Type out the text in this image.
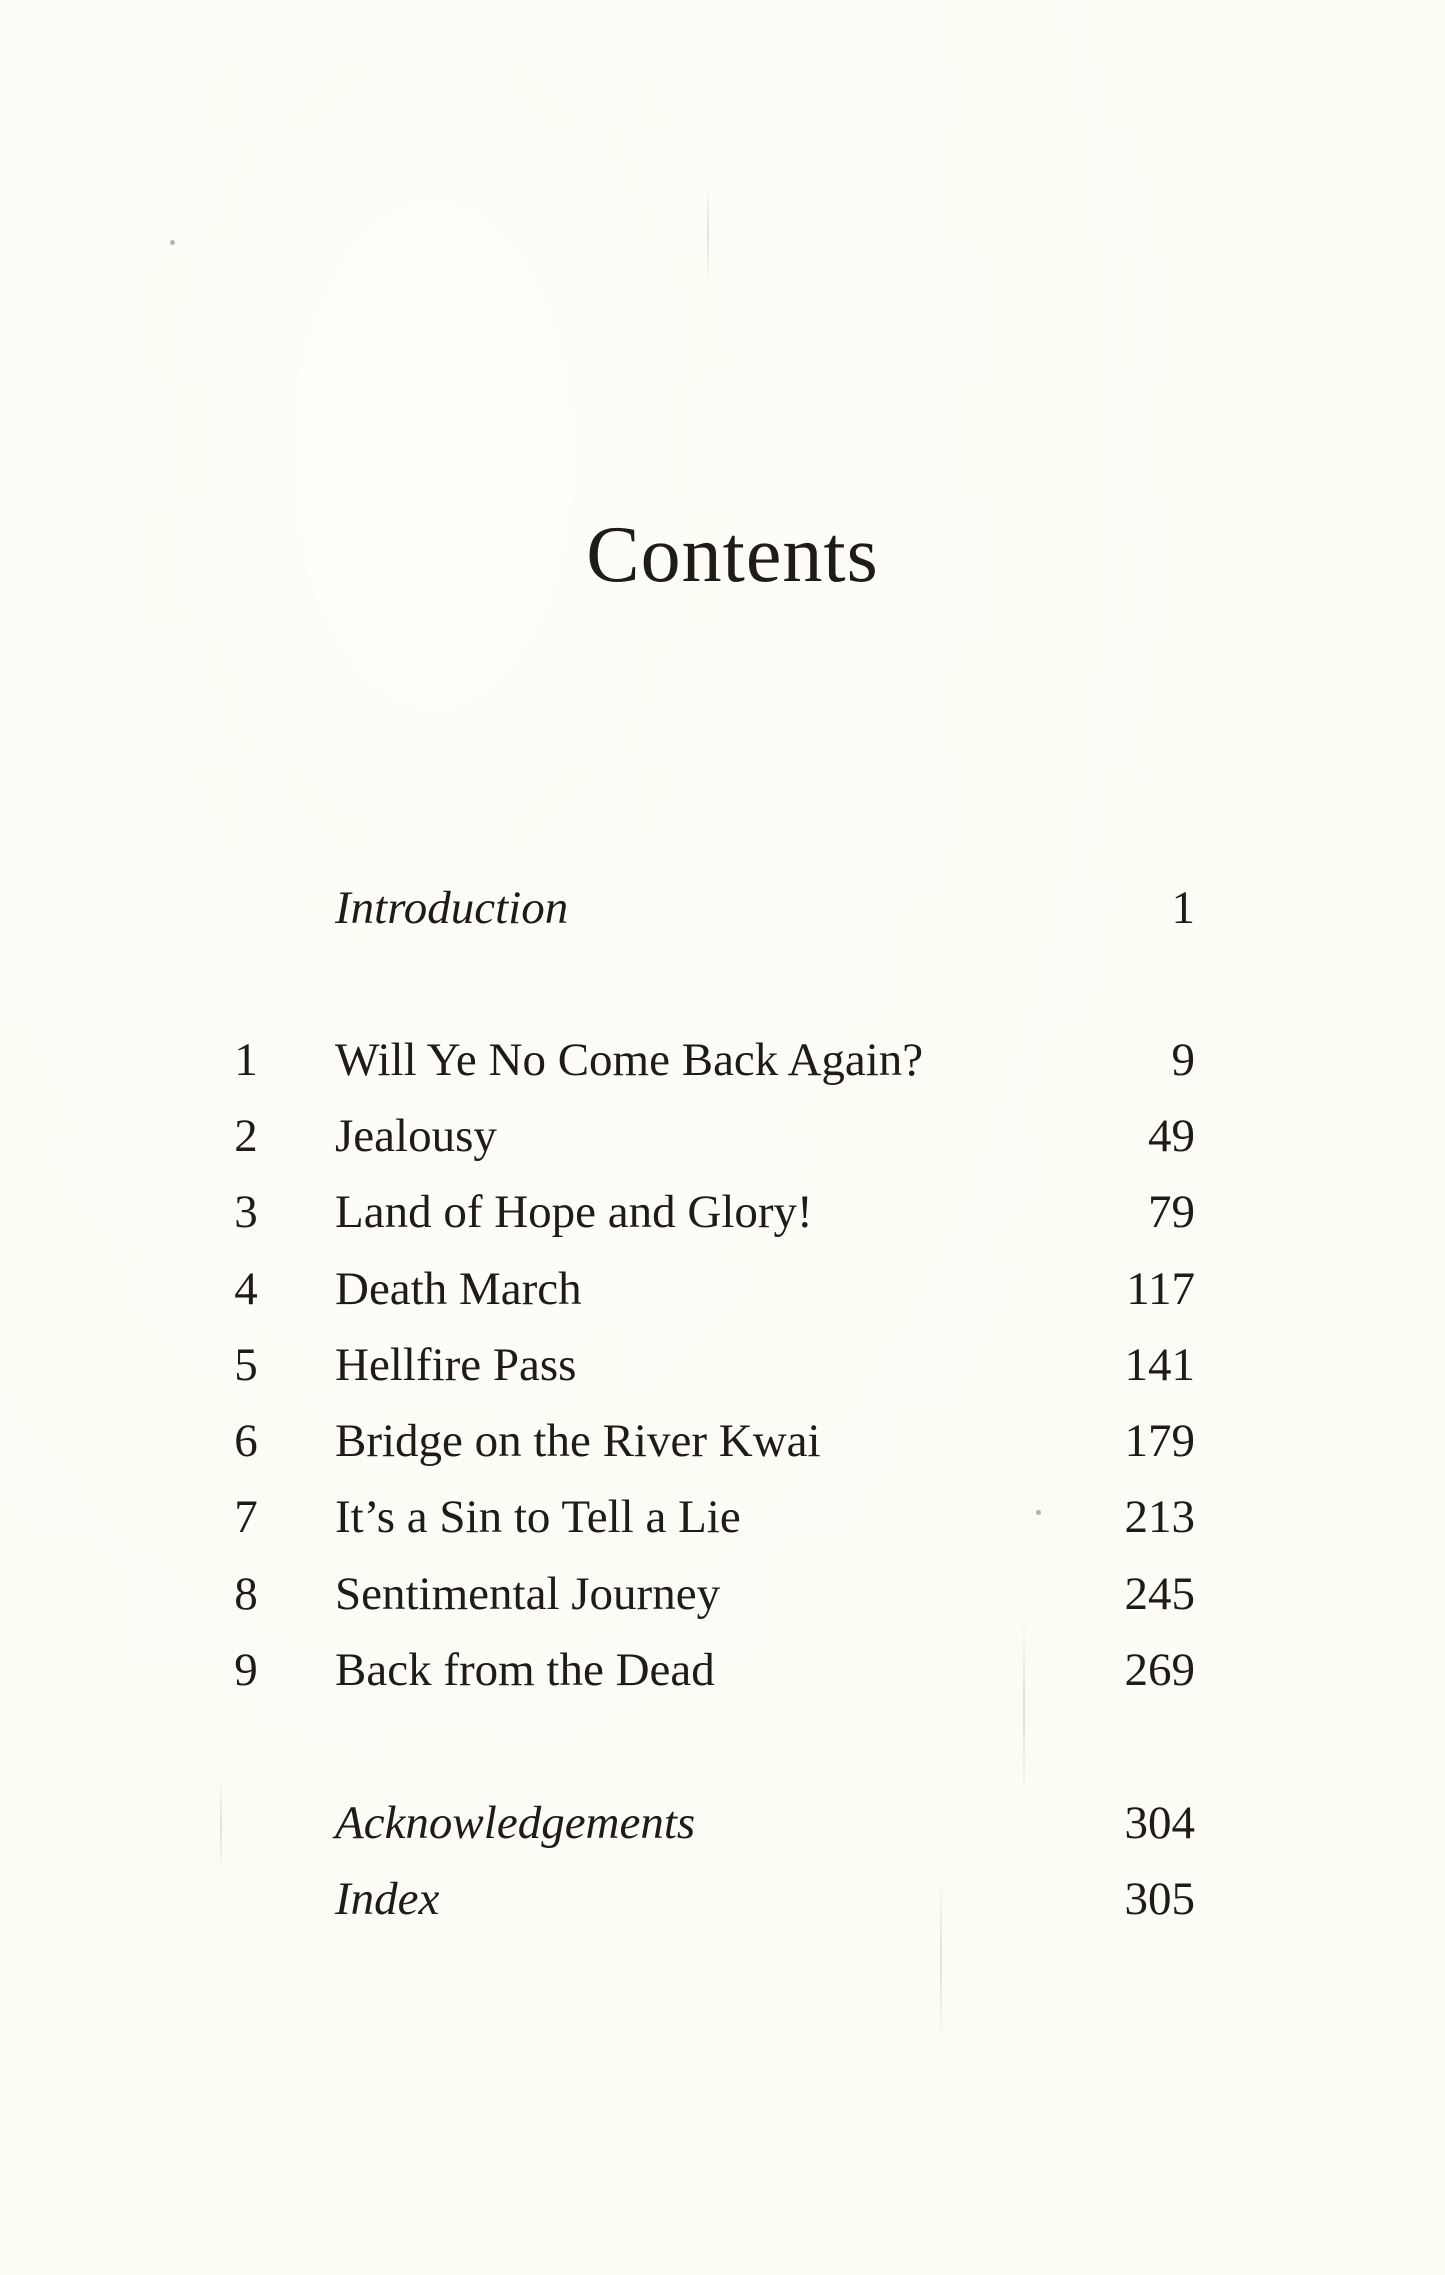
Contents
Introduction	1
1	Will Ye No Come Back Again?	9
2	Jealousy	49
3	Land of Hope and Glory!	79
4	Death March	117
5	Hellfire Pass	141
6	Bridge on the River Kwai	179
7	It’s a Sin to Tell a Lie	213
8	Sentimental Journey	245
9	Back from the Dead	269
Acknowledgements	304
Index	305
